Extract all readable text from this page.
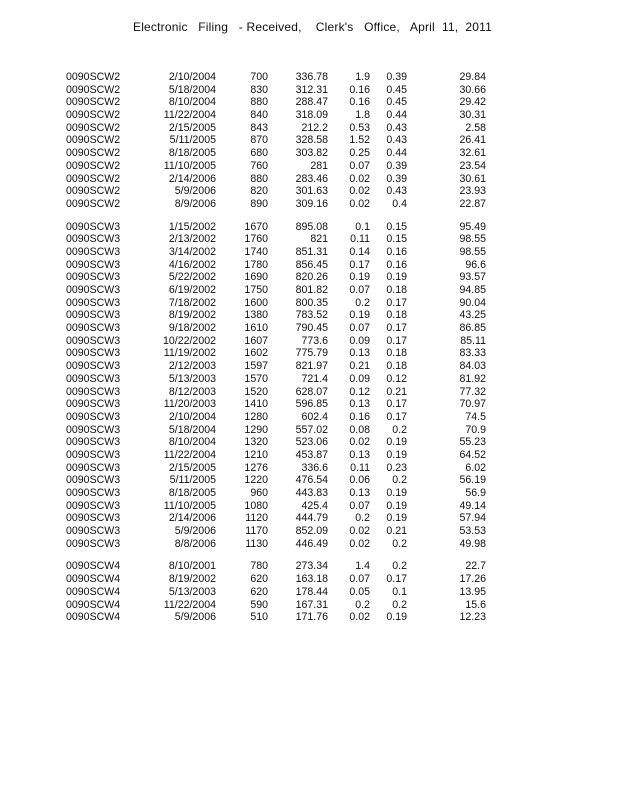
Electronic   Filing   - Received,    Clerk's   Office,   April  11,  2011
0090SCW2	2/10/2004	700	336.78	1.9	0.39	29.84
0090SCW2	5/18/2004	830	312.31	0.16	0.45	30.66
0090SCW2	8/10/2004	880	288.47	0.16	0.45	29.42
0090SCW2	11/22/2004	840	318.09	1.8	0.44	30.31
0090SCW2	2/15/2005	843	212.2	0.53	0.43	2.58
0090SCW2	5/11/2005	870	328.58	1.52	0.43	26.41
0090SCW2	8/18/2005	680	303.82	0.25	0.44	32.61
0090SCW2	11/10/2005	760	281	0.07	0.39	23.54
0090SCW2	2/14/2006	880	283.46	0.02	0.39	30.61
0090SCW2	5/9/2006	820	301.63	0.02	0.43	23.93
0090SCW2	8/9/2006	890	309.16	0.02	0.4	22.87
0090SCW3	1/15/2002	1670	895.08	0.1	0.15	95.49
0090SCW3	2/13/2002	1760	821	0.11	0.15	98.55
0090SCW3	3/14/2002	1740	851.31	0.14	0.16	98.55
0090SCW3	4/16/2002	1780	856.45	0.17	0.16	96.6
0090SCW3	5/22/2002	1690	820.26	0.19	0.19	93.57
0090SCW3	6/19/2002	1750	801.82	0.07	0.18	94.85
0090SCW3	7/18/2002	1600	800.35	0.2	0.17	90.04
0090SCW3	8/19/2002	1380	783.52	0.19	0.18	43.25
0090SCW3	9/18/2002	1610	790.45	0.07	0.17	86.85
0090SCW3	10/22/2002	1607	773.6	0.09	0.17	85.11
0090SCW3	11/19/2002	1602	775.79	0.13	0.18	83.33
0090SCW3	2/12/2003	1597	821.97	0.21	0.18	84.03
0090SCW3	5/13/2003	1570	721.4	0.09	0.12	81.92
0090SCW3	8/12/2003	1520	628.07	0.12	0.21	77.32
0090SCW3	11/20/2003	1410	596.85	0.13	0.17	70.97
0090SCW3	2/10/2004	1280	602.4	0.16	0.17	74.5
0090SCW3	5/18/2004	1290	557.02	0.08	0.2	70.9
0090SCW3	8/10/2004	1320	523.06	0.02	0.19	55.23
0090SCW3	11/22/2004	1210	453.87	0.13	0.19	64.52
0090SCW3	2/15/2005	1276	336.6	0.11	0.23	6.02
0090SCW3	5/11/2005	1220	476.54	0.06	0.2	56.19
0090SCW3	8/18/2005	960	443.83	0.13	0.19	56.9
0090SCW3	11/10/2005	1080	425.4	0.07	0.19	49.14
0090SCW3	2/14/2006	1120	444.79	0.2	0.19	57.94
0090SCW3	5/9/2006	1170	852.09	0.02	0.21	53.53
0090SCW3	8/8/2006	1130	446.49	0.02	0.2	49.98
0090SCW4	8/10/2001	780	273.34	1.4	0.2	22.7
0090SCW4	8/19/2002	620	163.18	0.07	0.17	17.26
0090SCW4	5/13/2003	620	178.44	0.05	0.1	13.95
0090SCW4	11/22/2004	590	167.31	0.2	0.2	15.6
0090SCW4	5/9/2006	510	171.76	0.02	0.19	12.23
